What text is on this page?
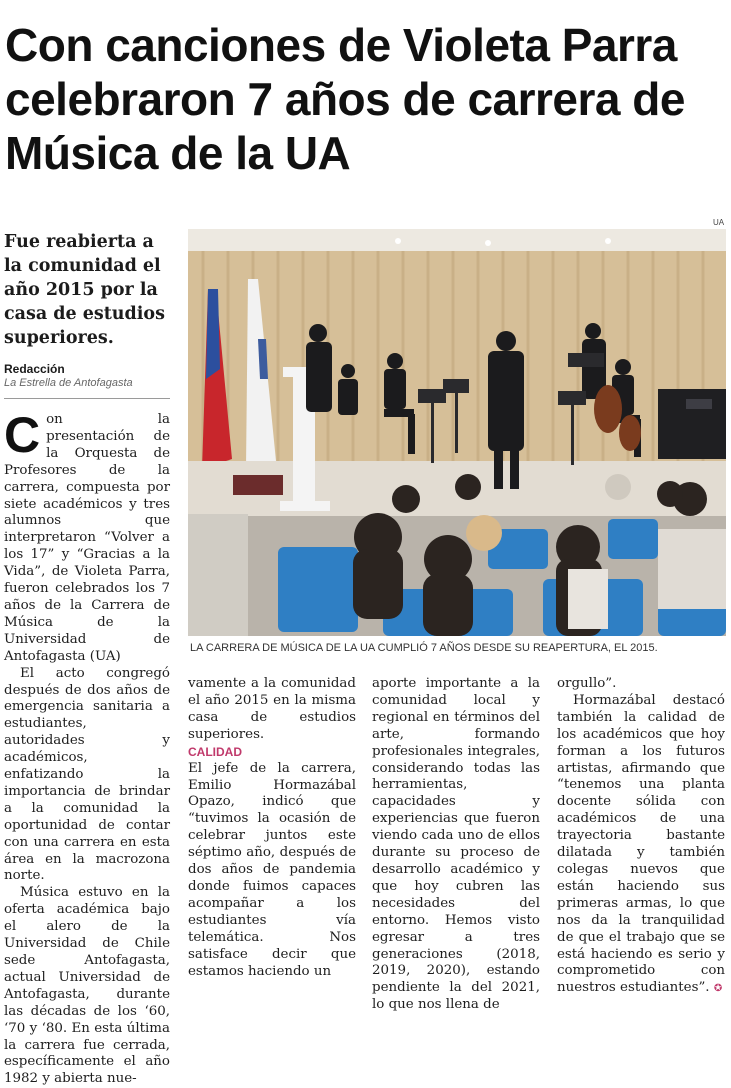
Con canciones de Violeta Parra celebraron 7 años de carrera de Música de la UA
Fue reabierta a la comunidad el año 2015 por la casa de estudios superiores.
Redacción
La Estrella de Antofagasta
UA
LA CARRERA DE MÚSICA DE LA UA CUMPLIÓ 7 AÑOS DESDE SU REAPERTURA, EL 2015.

Con la presentación de la Orquesta de Profesores de la carrera, compuesta por siete académicos y tres alumnos que interpretaron “Volver a los 17” y “Gracias a la Vida”, de Violeta Parra, fueron celebrados los 7 años de la Carrera de Música de la Universidad de Antofagasta (UA)

El acto congregó después de dos años de emergencia sanitaria a estudiantes, autoridades y académicos, enfatizando la importancia de brindar a la comunidad la oportunidad de contar con una carrera en esta área en la macrozona norte.

Música estuvo en la oferta académica bajo el alero de la Universidad de Chile sede Antofagasta, actual Universidad de Antofagasta, durante las décadas de los ‘60, ‘70 y ‘80. En esta última la carrera fue cerrada, específicamente el año 1982 y abierta nue-

vamente a la comunidad el año 2015 en la misma casa de estudios superiores.

CALIDAD

El jefe de la carrera, Emilio Hormazábal Opazo, indicó que “tuvimos la ocasión de celebrar juntos este séptimo año, después de dos años de pandemia donde fuimos capaces acompañar a los estudiantes vía telemática. Nos satisface decir que estamos haciendo un

aporte importante a la comunidad local y regional en términos del arte, formando profesionales integrales, considerando todas las herramientas, capacidades y experiencias que fueron viendo cada uno de ellos durante su proceso de desarrollo académico y que hoy cubren las necesidades del entorno. Hemos visto egresar a tres generaciones (2018, 2019, 2020), estando pendiente la del 2021, lo que nos llena de

orgullo”.

Hormazábal destacó también la calidad de los académicos que hoy forman a los futuros artistas, afirmando que “tenemos una planta docente sólida con académicos de una trayectoria bastante dilatada y también colegas nuevos que están haciendo sus primeras armas, lo que nos da la tranquilidad de que el trabajo que se está haciendo es serio y comprometido con nuestros estudiantes”. ✪
